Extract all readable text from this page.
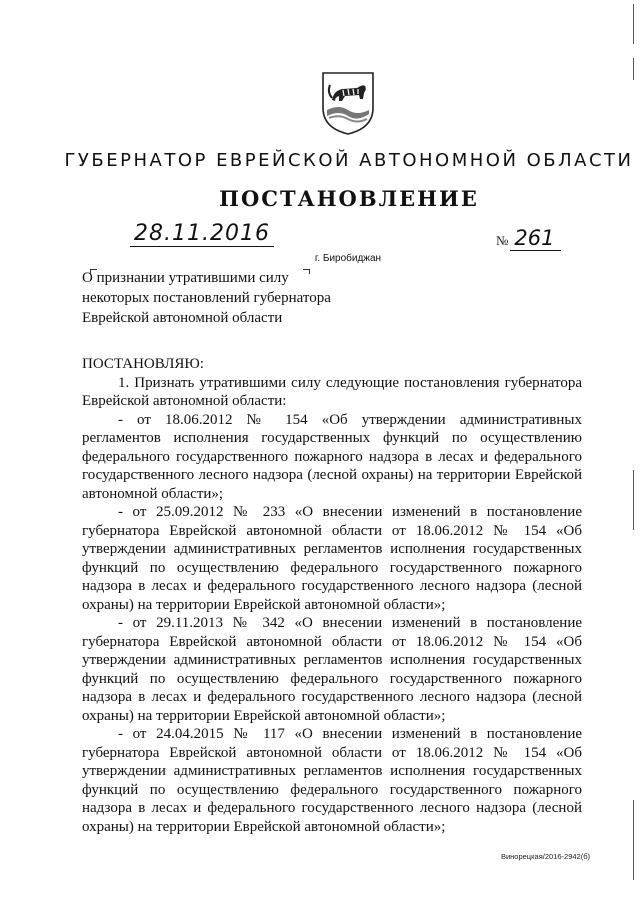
ГУБЕРНАТОР ЕВРЕЙСКОЙ АВТОНОМНОЙ ОБЛАСТИ
ПОСТАНОВЛЕНИЕ
28.11.2016	№ 261
г. Биробиджан
О признании утратившими силу
некоторых постановлений губернатора
Еврейской автономной области

ПОСТАНОВЛЯЮ:

1. Признать утратившими силу следующие постановления губернатора Еврейской автономной области:

- от 18.06.2012 № 154 «Об утверждении административных регламентов исполнения государственных функций по осуществлению федерального государственного пожарного надзора в лесах и федерального государственного лесного надзора (лесной охраны) на территории Еврейской автономной области»;

- от 25.09.2012 № 233 «О внесении изменений в постановление губернатора Еврейской автономной области от 18.06.2012 № 154 «Об утверждении административных регламентов исполнения государственных функций по осуществлению федерального государственного пожарного надзора в лесах и федерального государственного лесного надзора (лесной охраны) на территории Еврейской автономной области»;

- от 29.11.2013 № 342 «О внесении изменений в постановление губернатора Еврейской автономной области от 18.06.2012 № 154 «Об утверждении административных регламентов исполнения государственных функций по осуществлению федерального государственного пожарного надзора в лесах и федерального государственного лесного надзора (лесной охраны) на территории Еврейской автономной области»;

- от 24.04.2015 № 117 «О внесении изменений в постановление губернатора Еврейской автономной области от 18.06.2012 № 154 «Об утверждении административных регламентов исполнения государственных функций по осуществлению федерального государственного пожарного надзора в лесах и федерального государственного лесного надзора (лесной охраны) на территории Еврейской автономной области»;

Винорецкая/2016-2942(б)
